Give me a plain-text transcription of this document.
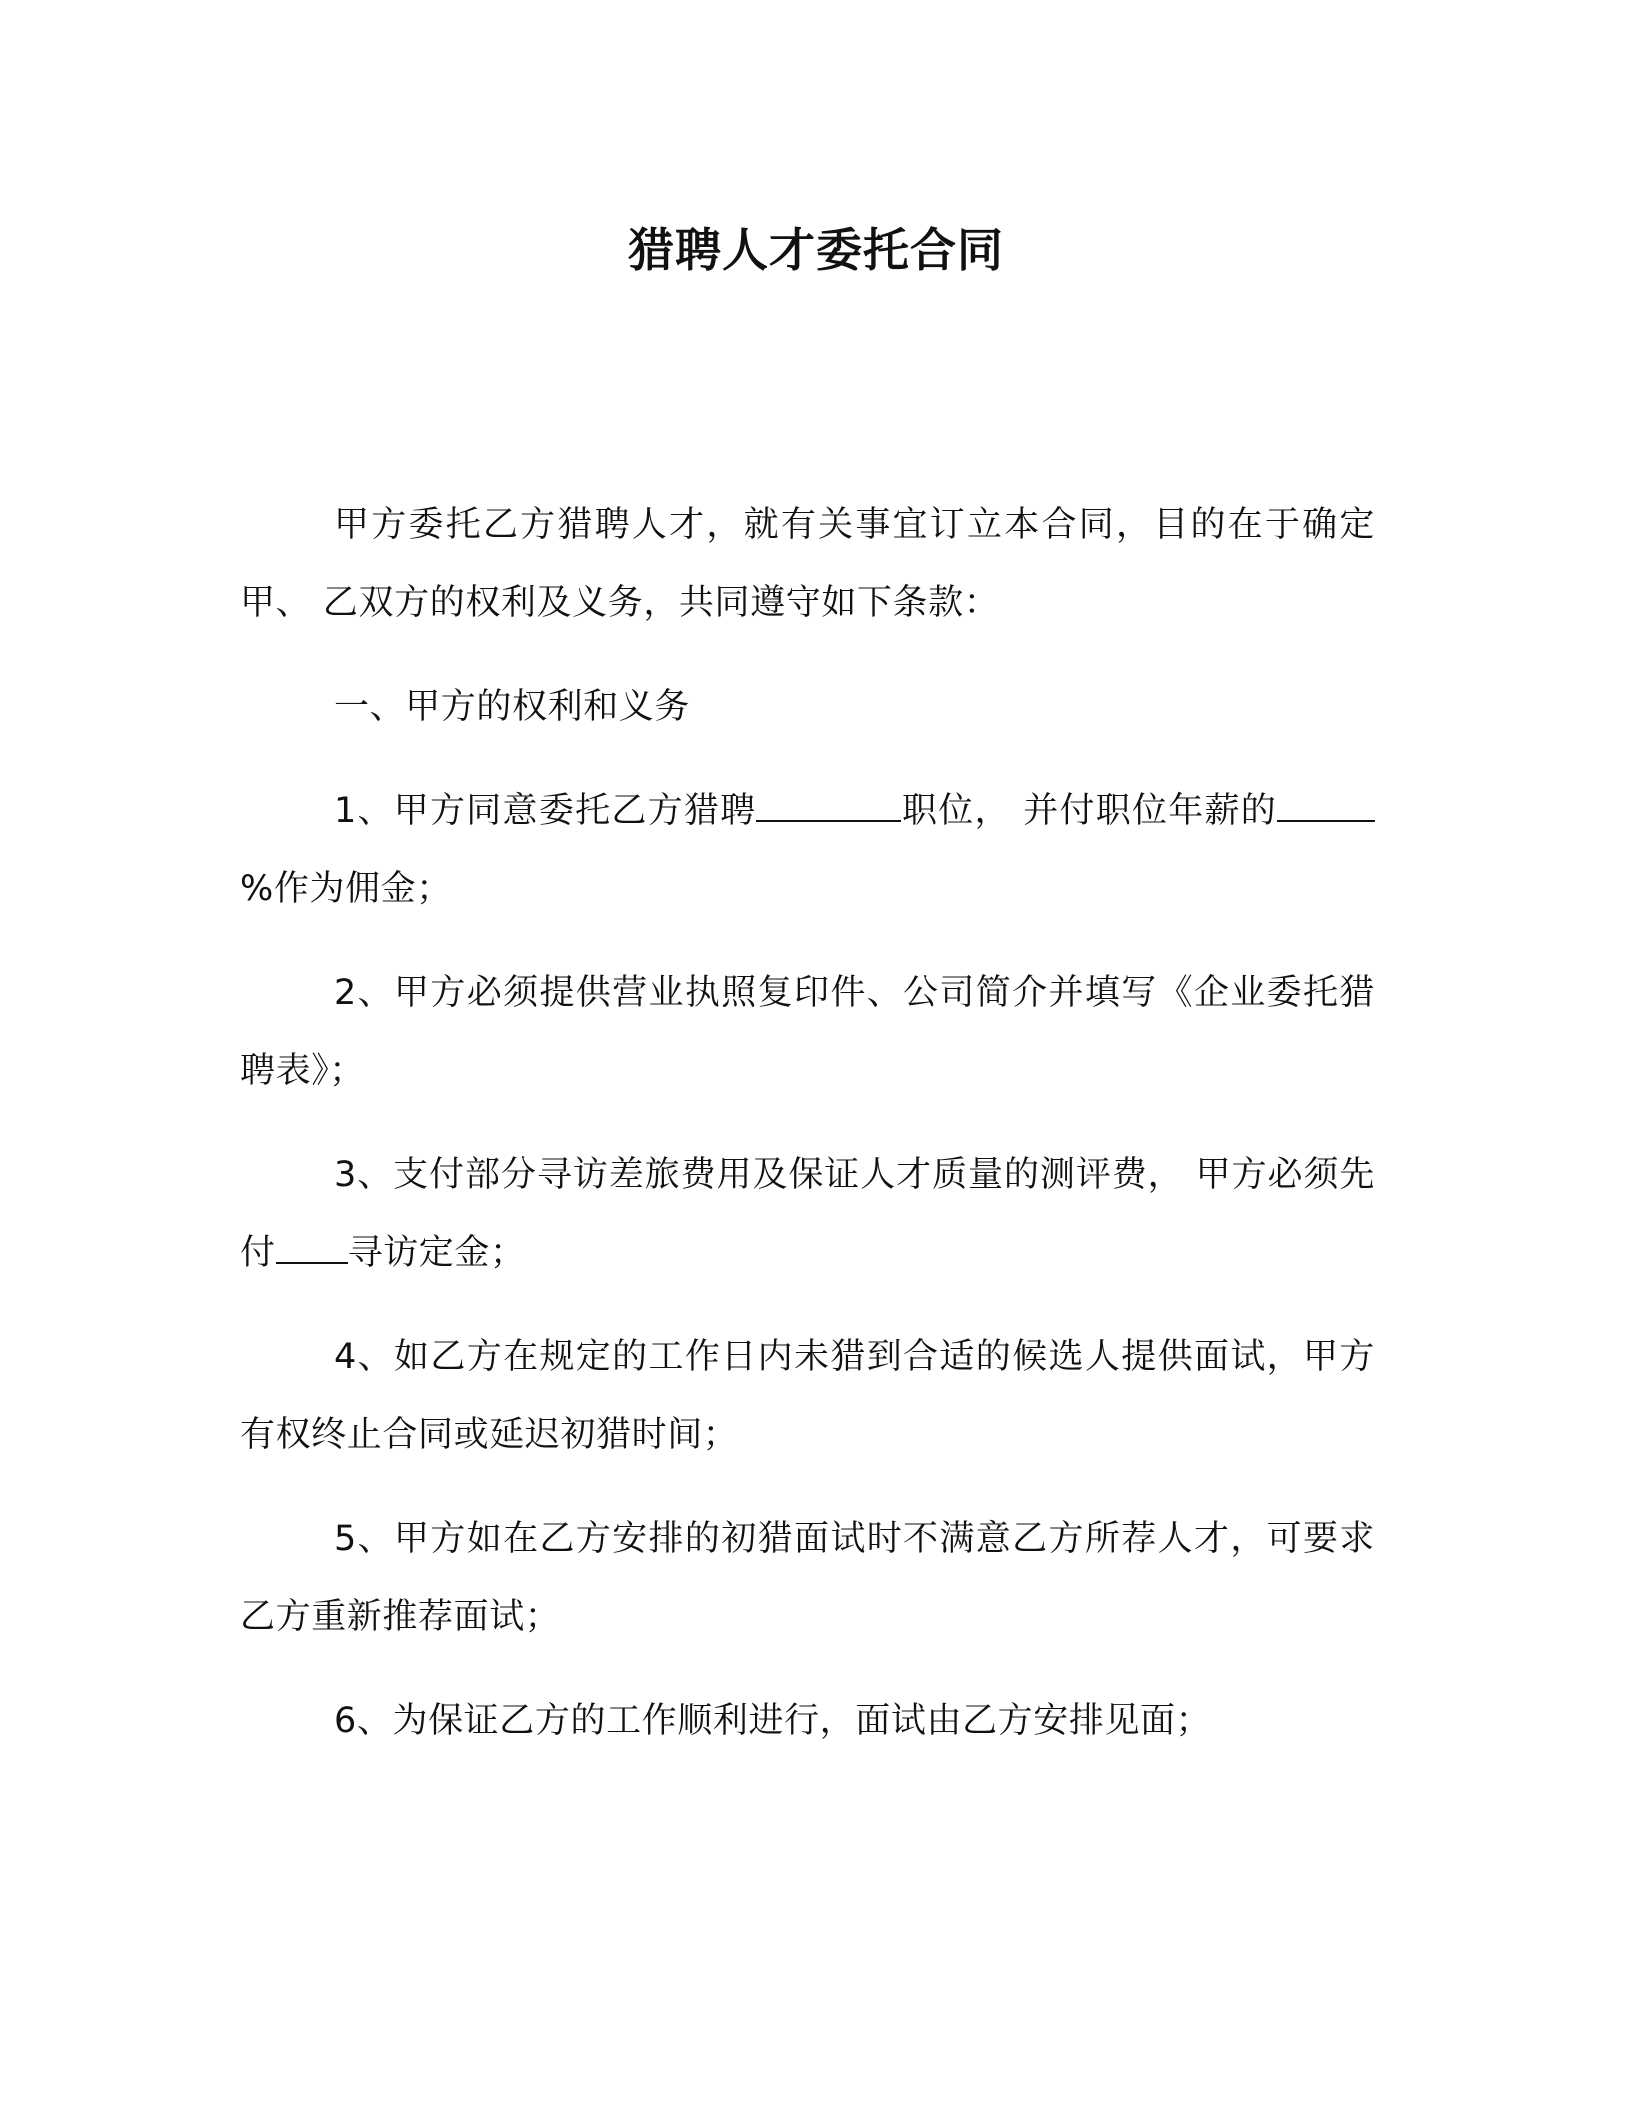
猎聘人才委托合同

甲方委托乙方猎聘人才，就有关事宜订立本合同，目的在于确定甲、 乙双方的权利及义务，共同遵守如下条款：

一、甲方的权利和义务

1、甲方同意委托乙方猎聘	职位， 并付职位年薪的%作为佣金；

2、甲方必须提供营业执照复印件、公司简介并填写《企业委托猎聘表》；

3、支付部分寻访差旅费用及保证人才质量的测评费， 甲方必须先付 寻访定金；

4、如乙方在规定的工作日内未猎到合适的候选人提供面试，甲方有权终止合同或延迟初猎时间；

5、甲方如在乙方安排的初猎面试时不满意乙方所荐人才，可要求乙方重新推荐面试；

6、为保证乙方的工作顺利进行，面试由乙方安排见面；
